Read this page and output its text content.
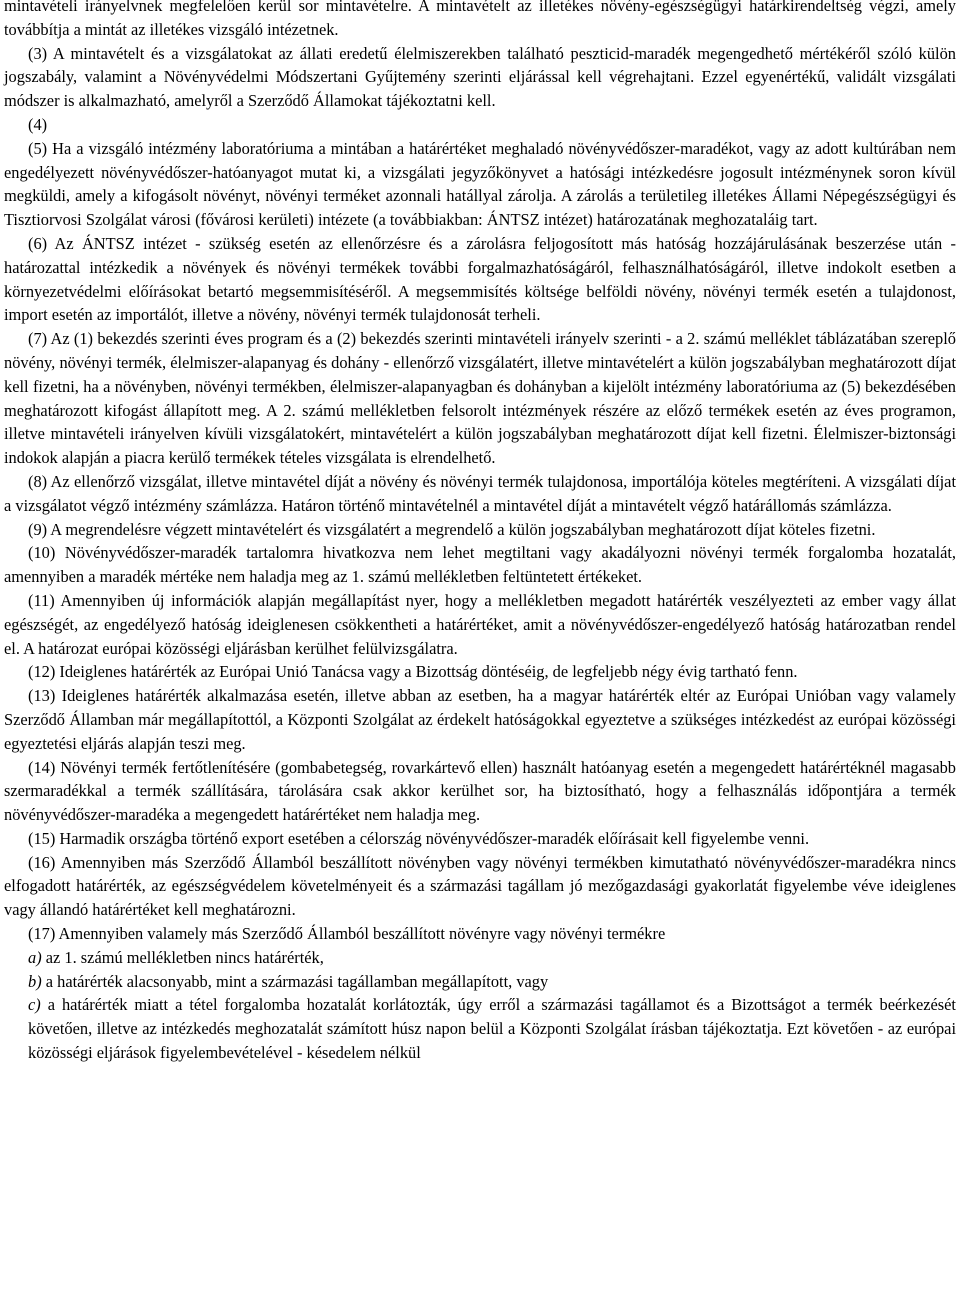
mintavételi irányelvnek megfelelően kerül sor mintavételre. A mintavételt az illetékes növény-egészségügyi határkirendeltség végzi, amely továbbítja a mintát az illetékes vizsgáló intézetnek.

(3) A mintavételt és a vizsgálatokat az állati eredetű élelmiszerekben található peszticid-maradék megengedhető mértékéről szóló külön jogszabály, valamint a Növényvédelmi Módszertani Gyűjtemény szerinti eljárással kell végrehajtani. Ezzel egyenértékű, validált vizsgálati módszer is alkalmazható, amelyről a Szerződő Államokat tájékoztatni kell.

(4)

(5) Ha a vizsgáló intézmény laboratóriuma a mintában a határértéket meghaladó növényvédőszer-maradékot, vagy az adott kultúrában nem engedélyezett növényvédőszer-hatóanyagot mutat ki, a vizsgálati jegyzőkönyvet a hatósági intézkedésre jogosult intézménynek soron kívül megküldi, amely a kifogásolt növényt, növényi terméket azonnali hatállyal zárolja. A zárolás a területileg illetékes Állami Népegészségügyi és Tisztiorvosi Szolgálat városi (fővárosi kerületi) intézete (a továbbiakban: ÁNTSZ intézet) határozatának meghozataláig tart.

(6) Az ÁNTSZ intézet - szükség esetén az ellenőrzésre és a zárolásra feljogosított más hatóság hozzájárulásának beszerzése után - határozattal intézkedik a növények és növényi termékek további forgalmazhatóságáról, felhasználhatóságáról, illetve indokolt esetben a környezetvédelmi előírásokat betartó megsemmisítéséről. A megsemmisítés költsége belföldi növény, növényi termék esetén a tulajdonost, import esetén az importálót, illetve a növény, növényi termék tulajdonosát terheli.

(7) Az (1) bekezdés szerinti éves program és a (2) bekezdés szerinti mintavételi irányelv szerinti - a 2. számú melléklet táblázatában szereplő növény, növényi termék, élelmiszer-alapanyag és dohány - ellenőrző vizsgálatért, illetve mintavételért a külön jogszabályban meghatározott díjat kell fizetni, ha a növényben, növényi termékben, élelmiszer-alapanyagban és dohányban a kijelölt intézmény laboratóriuma az (5) bekezdésében meghatározott kifogást állapított meg. A 2. számú mellékletben felsorolt intézmények részére az előző termékek esetén az éves programon, illetve mintavételi irányelven kívüli vizsgálatokért, mintavételért a külön jogszabályban meghatározott díjat kell fizetni. Élelmiszer-biztonsági indokok alapján a piacra kerülő termékek tételes vizsgálata is elrendelhető.

(8) Az ellenőrző vizsgálat, illetve mintavétel díját a növény és növényi termék tulajdonosa, importálója köteles megtéríteni. A vizsgálati díjat a vizsgálatot végző intézmény számlázza. Határon történő mintavételnél a mintavétel díját a mintavételt végző határállomás számlázza.

(9) A megrendelésre végzett mintavételért és vizsgálatért a megrendelő a külön jogszabályban meghatározott díjat köteles fizetni.

(10) Növényvédőszer-maradék tartalomra hivatkozva nem lehet megtiltani vagy akadályozni növényi termék forgalomba hozatalát, amennyiben a maradék mértéke nem haladja meg az 1. számú mellékletben feltüntetett értékeket.

(11) Amennyiben új információk alapján megállapítást nyer, hogy a mellékletben megadott határérték veszélyezteti az ember vagy állat egészségét, az engedélyező hatóság ideiglenesen csökkentheti a határértéket, amit a növényvédőszer-engedélyező hatóság határozatban rendel el. A határozat európai közösségi eljárásban kerülhet felülvizsgálatra.

(12) Ideiglenes határérték az Európai Unió Tanácsa vagy a Bizottság döntéséig, de legfeljebb négy évig tartható fenn.

(13) Ideiglenes határérték alkalmazása esetén, illetve abban az esetben, ha a magyar határérték eltér az Európai Unióban vagy valamely Szerződő Államban már megállapítottól, a Központi Szolgálat az érdekelt hatóságokkal egyeztetve a szükséges intézkedést az európai közösségi egyeztetési eljárás alapján teszi meg.

(14) Növényi termék fertőtlenítésére (gombabetegség, rovarkártevő ellen) használt hatóanyag esetén a megengedett határértéknél magasabb szermaradékkal a termék szállítására, tárolására csak akkor kerülhet sor, ha biztosítható, hogy a felhasználás időpontjára a termék növényvédőszer-maradéka a megengedett határértéket nem haladja meg.

(15) Harmadik országba történő export esetében a célország növényvédőszer-maradék előírásait kell figyelembe venni.

(16) Amennyiben más Szerződő Államból beszállított növényben vagy növényi termékben kimutatható növényvédőszer-maradékra nincs elfogadott határérték, az egészségvédelem követelményeit és a származási tagállam jó mezőgazdasági gyakorlatát figyelembe véve ideiglenes vagy állandó határértéket kell meghatározni.

(17) Amennyiben valamely más Szerződő Államból beszállított növényre vagy növényi termékre

a) az 1. számú mellékletben nincs határérték,

b) a határérték alacsonyabb, mint a származási tagállamban megállapított, vagy

c) a határérték miatt a tétel forgalomba hozatalát korlátozták, úgy erről a származási tagállamot és a Bizottságot a termék beérkezését követően, illetve az intézkedés meghozatalát számított húsz napon belül a Központi Szolgálat írásban tájékoztatja. Ezt követően - az európai közösségi eljárások figyelembevételével - késedelem nélkül
